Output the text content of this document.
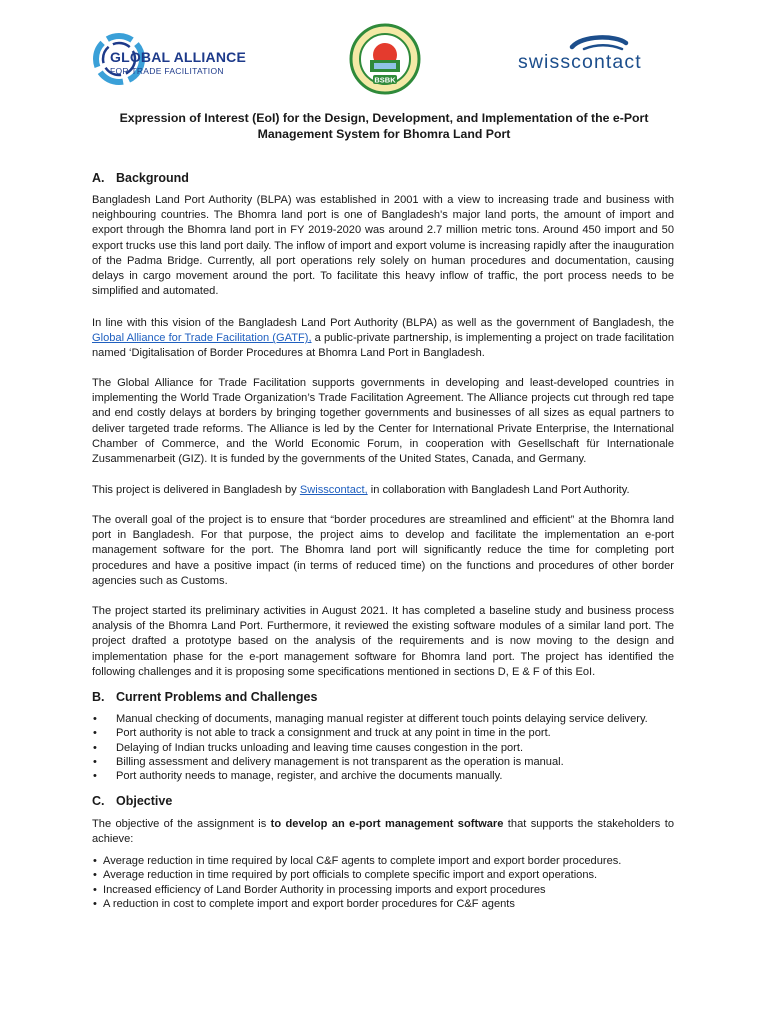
GLOBAL ALLIANCE
FOR TRADE FACILITATION
BSBK
swisscontact
Expression of Interest (EoI) for the Design, Development, and Implementation of the e-Port Management System for Bhomra Land Port
A. Background

Bangladesh Land Port Authority (BLPA) was established in 2001 with a view to increasing trade and business with neighbouring countries. The Bhomra land port is one of Bangladesh's major land ports, the amount of import and export through the Bhomra land port in FY 2019-2020 was around 2.7 million metric tons. Around 450 import and 50 export trucks use this land port daily. The inflow of import and export volume is increasing rapidly after the inauguration of the Padma Bridge. Currently, all port operations rely solely on human procedures and documentation, causing delays in cargo movement around the port. To facilitate this heavy inflow of traffic, the port process needs to be simplified and automated.

In line with this vision of the Bangladesh Land Port Authority (BLPA) as well as the government of Bangladesh, the Global Alliance for Trade Facilitation (GATF), a public-private partnership, is implementing a project on trade facilitation named ‘Digitalisation of Border Procedures at Bhomra Land Port in Bangladesh.

The Global Alliance for Trade Facilitation supports governments in developing and least-developed countries in implementing the World Trade Organization’s Trade Facilitation Agreement. The Alliance projects cut through red tape and end costly delays at borders by bringing together governments and businesses of all sizes as equal partners to deliver targeted trade reforms. The Alliance is led by the Center for International Private Enterprise, the International Chamber of Commerce, and the World Economic Forum, in cooperation with Gesellschaft für Internationale Zusammenarbeit (GIZ). It is funded by the governments of the United States, Canada, and Germany.

This project is delivered in Bangladesh by Swisscontact, in collaboration with Bangladesh Land Port Authority.

The overall goal of the project is to ensure that “border procedures are streamlined and efficient” at the Bhomra land port in Bangladesh. For that purpose, the project aims to develop and facilitate the implementation an e-port management software for the port. The Bhomra land port will significantly reduce the time for completing port procedures and have a positive impact (in terms of reduced time) on the functions and procedures of other border agencies such as Customs.

The project started its preliminary activities in August 2021. It has completed a baseline study and business process analysis of the Bhomra Land Port. Furthermore, it reviewed the existing software modules of a similar land port. The project drafted a prototype based on the analysis of the requirements and is now moving to the design and implementation phase for the e-port management software for Bhomra land port. The project has identified the following challenges and it is proposing some specifications mentioned in sections D, E & F of this EoI.

B. Current Problems and Challenges
• Manual checking of documents, managing manual register at different touch points delaying service delivery.
• Port authority is not able to track a consignment and truck at any point in time in the port.
• Delaying of Indian trucks unloading and leaving time causes congestion in the port.
• Billing assessment and delivery management is not transparent as the operation is manual.
• Port authority needs to manage, register, and archive the documents manually.
C. Objective

The objective of the assignment is to develop an e-port management software that supports the stakeholders to achieve:

• Average reduction in time required by local C&F agents to complete import and export border procedures.
• Average reduction in time required by port officials to complete specific import and export operations.
• Increased efficiency of Land Border Authority in processing imports and export procedures
• A reduction in cost to complete import and export border procedures for C&F agents
